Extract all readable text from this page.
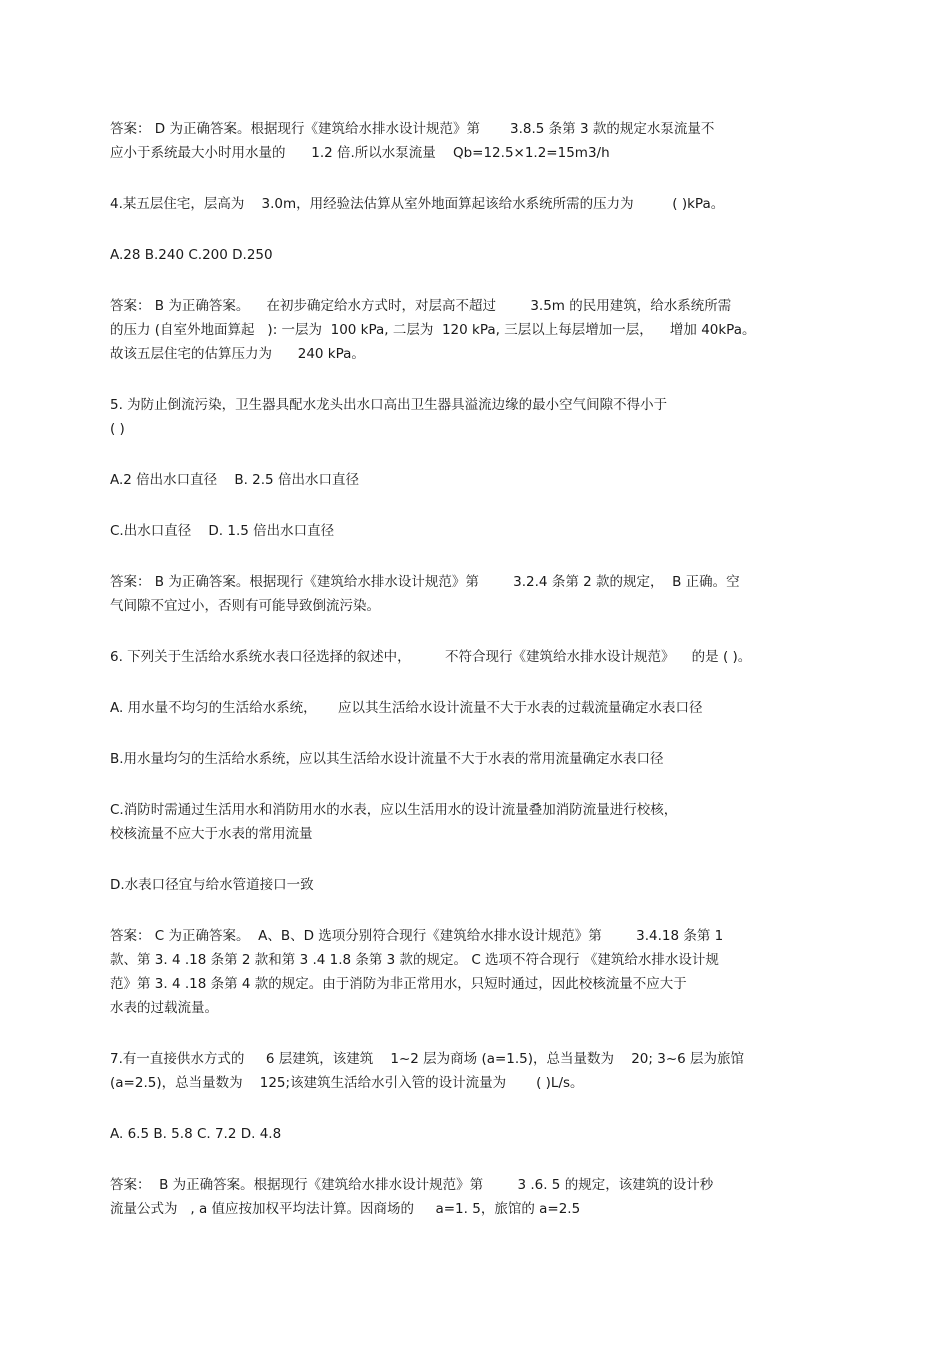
答案： D 为正确答案。根据现行《建筑给水排水设计规范》第       3.8.5 条第 3 款的规定水泵流量不
应小于系统最大小时用水量的      1.2 倍.所以水泵流量    Qb=12.5×1.2=15m3/h
4.某五层住宅，层高为    3.0m，用经验法估算从室外地面算起该给水系统所需的压力为         ( )kPa。
A.28 B.240 C.200 D.250
答案： B 为正确答案。    在初步确定给水方式时，对层高不超过        3.5m 的民用建筑，给水系统所需
的压力 (自室外地面算起   ): 一层为  100 kPa, 二层为  120 kPa, 三层以上每层增加一层，    增加 40kPa。
故该五层住宅的估算压力为      240 kPa。
5. 为防止倒流污染，卫生器具配水龙头出水口高出卫生器具溢流边缘的最小空气间隙不得小于
( )
A.2 倍出水口直径    B. 2.5 倍出水口直径
C.出水口直径    D. 1.5 倍出水口直径
答案： B 为正确答案。根据现行《建筑给水排水设计规范》第        3.2.4 条第 2 款的规定，  B 正确。空
气间隙不宜过小，否则有可能导致倒流污染。
6. 下列关于生活给水系统水表口径选择的叙述中，        不符合现行《建筑给水排水设计规范》    的是 ( )。
A. 用水量不均匀的生活给水系统，     应以其生活给水设计流量不大于水表的过载流量确定水表口径
B.用水量均匀的生活给水系统，应以其生活给水设计流量不大于水表的常用流量确定水表口径
C.消防时需通过生活用水和消防用水的水表，应以生活用水的设计流量叠加消防流量进行校核，
校核流量不应大于水表的常用流量
D.水表口径宜与给水管道接口一致
答案： C 为正确答案。  A、B、D 选项分别符合现行《建筑给水排水设计规范》第        3.4.18 条第 1
款、第 3. 4 .18 条第 2 款和第 3 .4 1.8 条第 3 款的规定。 C 选项不符合现行 《建筑给水排水设计规
范》第 3. 4 .18 条第 4 款的规定。由于消防为非正常用水，只短时通过，因此校核流量不应大于
水表的过载流量。
7.有一直接供水方式的     6 层建筑，该建筑    1~2 层为商场 (a=1.5)，总当量数为    20; 3~6 层为旅馆
(a=2.5)，总当量数为    125;该建筑生活给水引入管的设计流量为       ( )L/s。
A. 6.5 B. 5.8 C. 7.2 D. 4.8
答案：  B 为正确答案。根据现行《建筑给水排水设计规范》第        3 .6. 5 的规定，该建筑的设计秒
流量公式为   , a 值应按加权平均法计算。因商场的     a=1. 5，旅馆的 a=2.5
